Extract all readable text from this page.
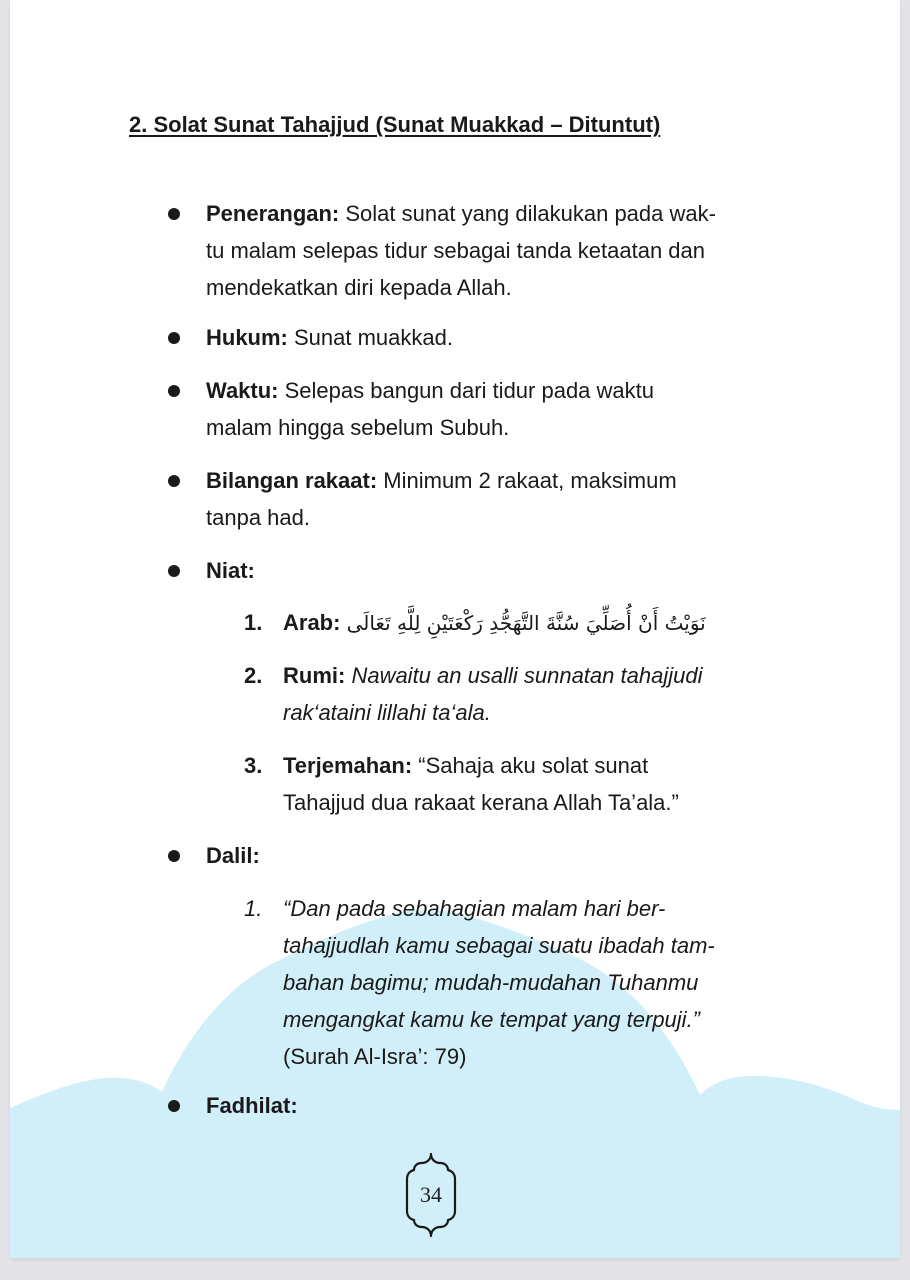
2. Solat Sunat Tahajjud (Sunat Muakkad – Dituntut)
Penerangan: Solat sunat yang dilakukan pada wak-
tu malam selepas tidur sebagai tanda ketaatan dan
mendekatkan diri kepada Allah.
Hukum: Sunat muakkad.
Waktu: Selepas bangun dari tidur pada waktu
malam hingga sebelum Subuh.
Bilangan rakaat: Minimum 2 rakaat, maksimum
tanpa had.
Niat:
1. Arab: نَوَيْتُ أَنْ أُصَلِّيَ سُنَّةَ التَّهَجُّدِ رَكْعَتَيْنِ لِلَّهِ تَعَالَى
2. Rumi: Nawaitu an usalli sunnatan tahajjudi
rak‘ataini lillahi ta‘ala.
3. Terjemahan: “Sahaja aku solat sunat
Tahajjud dua rakaat kerana Allah Ta’ala.”
Dalil:
1. “Dan pada sebahagian malam hari ber-
tahajjudlah kamu sebagai suatu ibadah tam-
bahan bagimu; mudah-mudahan Tuhanmu
mengangkat kamu ke tempat yang terpuji.”
(Surah Al-Isra’: 79)
Fadhilat:
34
